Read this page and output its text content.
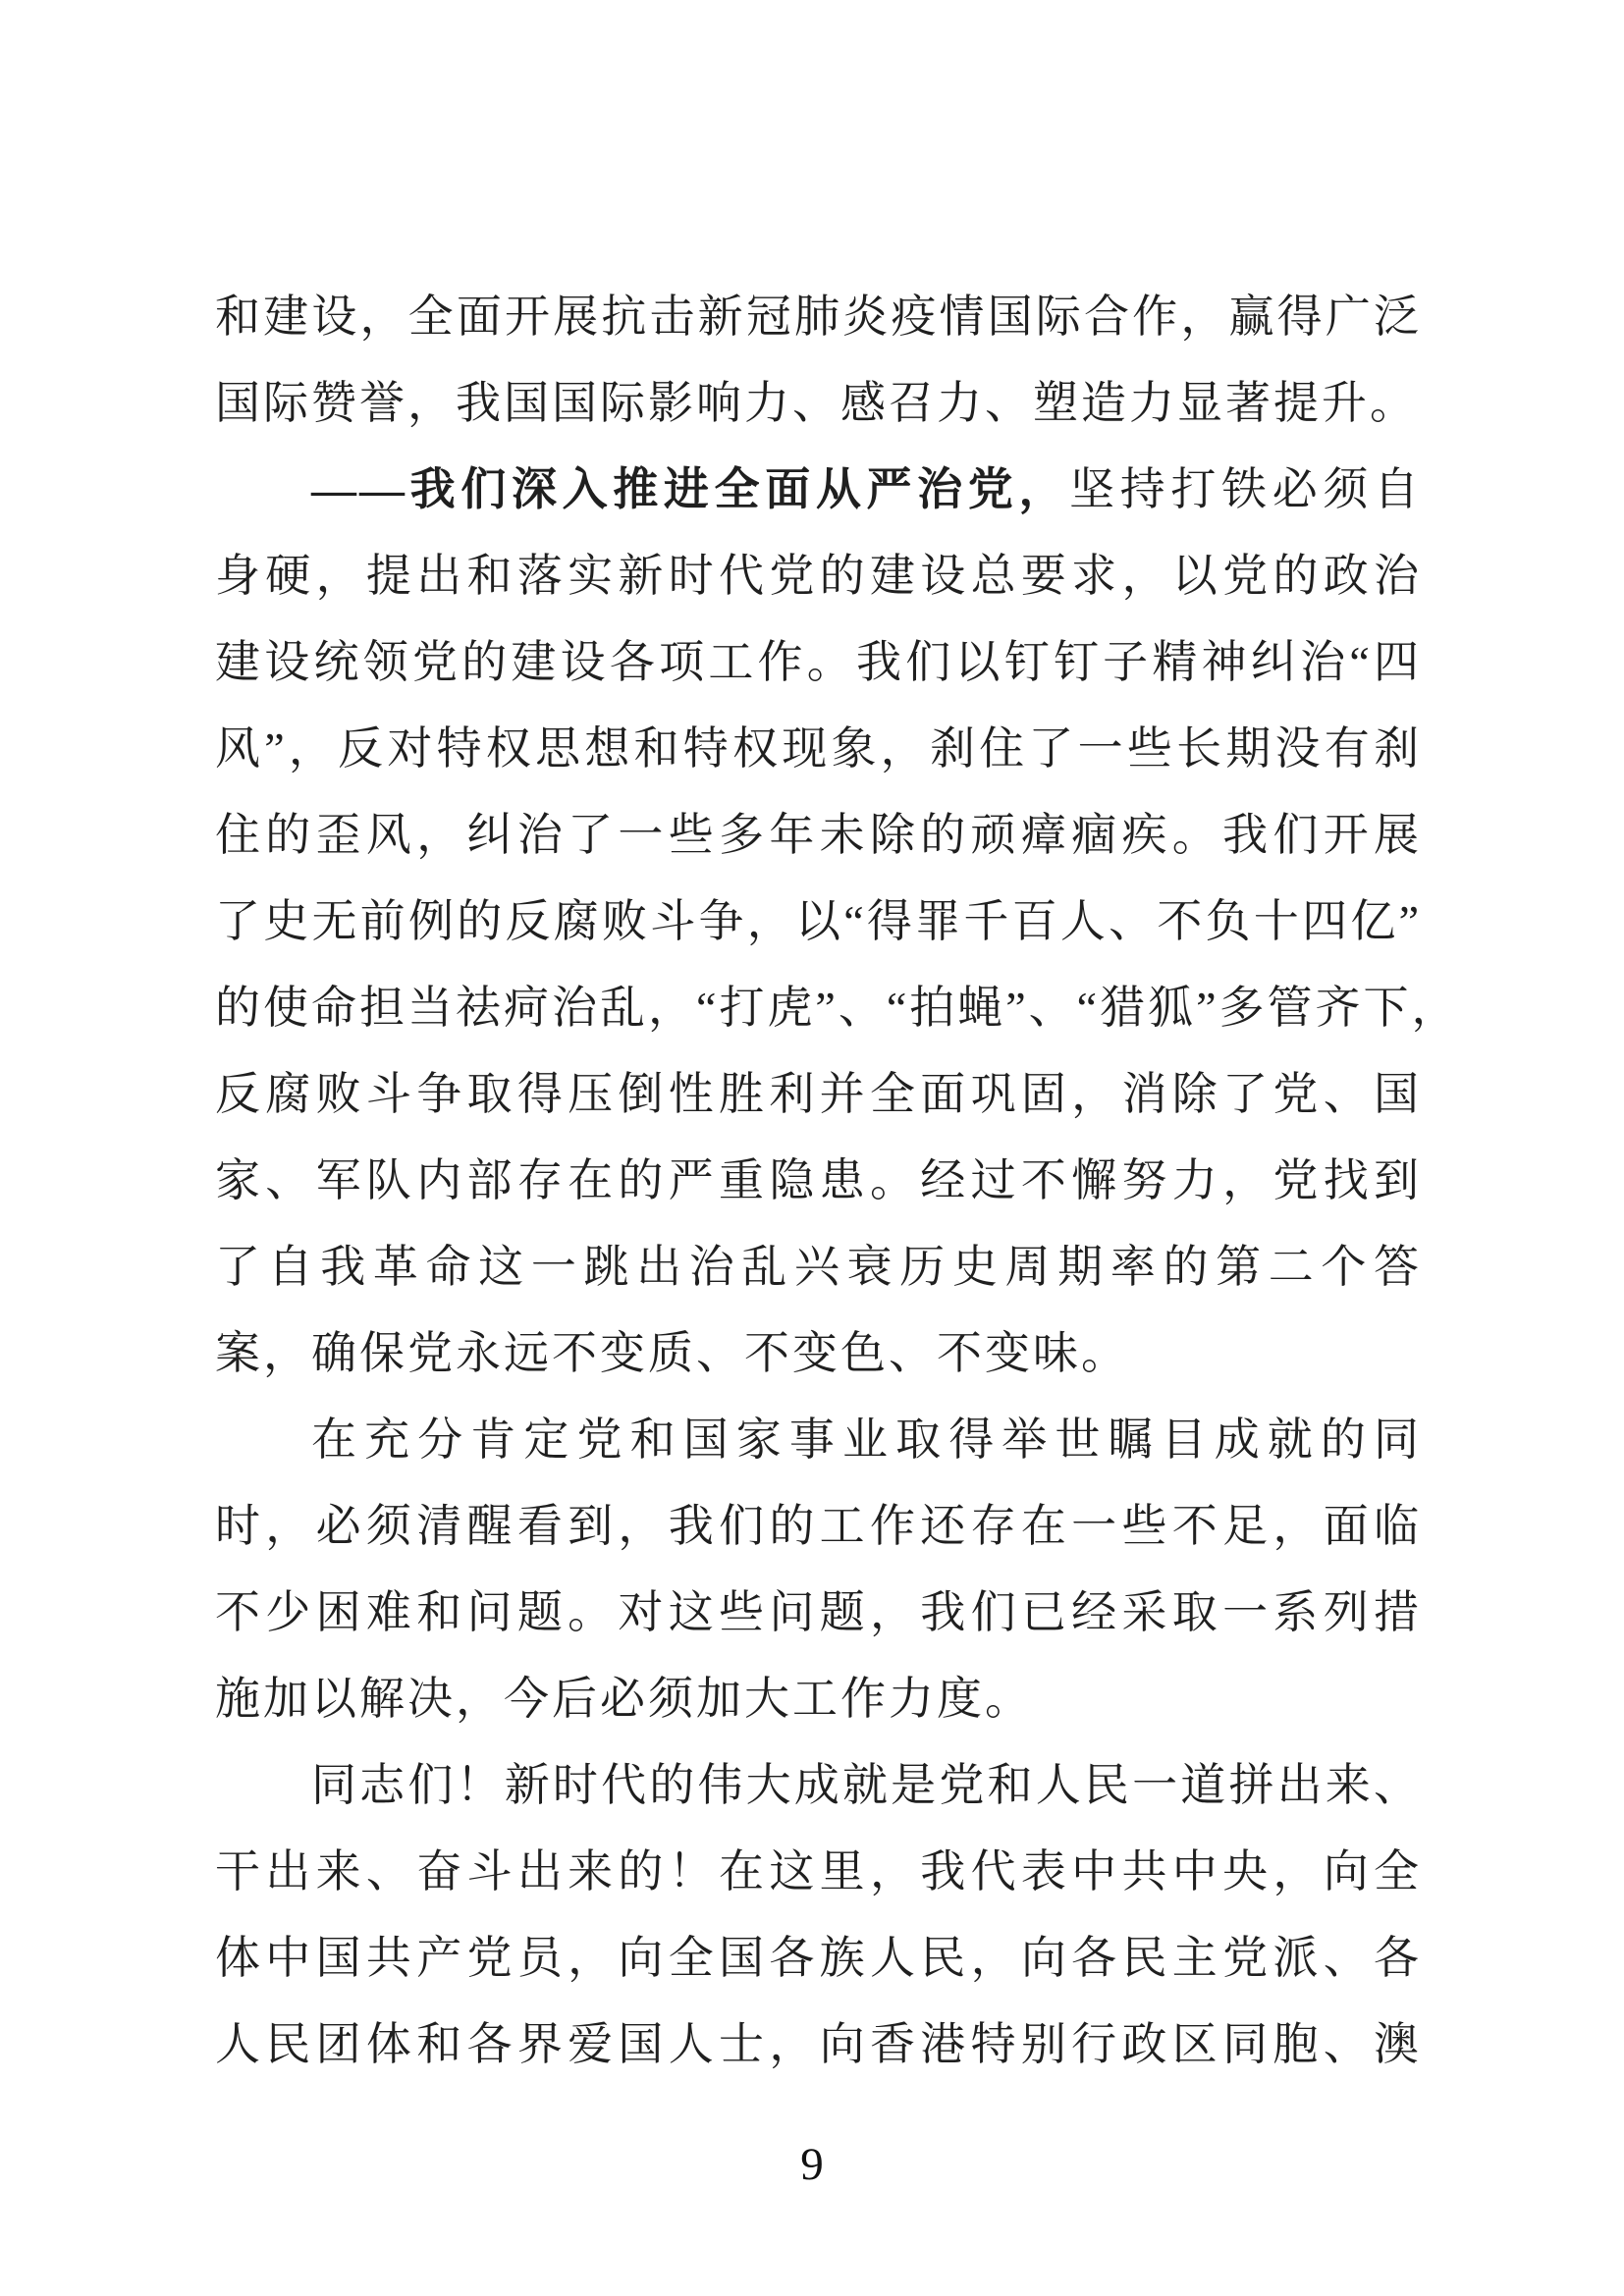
和建设，全面开展抗击新冠肺炎疫情国际合作，赢得广泛
国际赞誉，我国国际影响力、感召力、塑造力显著提升。
——我们深入推进全面从严治党，坚持打铁必须自
身硬，提出和落实新时代党的建设总要求，以党的政治
建设统领党的建设各项工作。我们以钉钉子精神纠治“四
风”，反对特权思想和特权现象，刹住了一些长期没有刹
住的歪风，纠治了一些多年未除的顽瘴痼疾。我们开展
了史无前例的反腐败斗争，以“得罪千百人、不负十四亿”
的使命担当祛疴治乱，“打虎”、“拍蝇”、“猎狐”多管齐下，
反腐败斗争取得压倒性胜利并全面巩固，消除了党、国
家、军队内部存在的严重隐患。经过不懈努力，党找到
了自我革命这一跳出治乱兴衰历史周期率的第二个答
案，确保党永远不变质、不变色、不变味。
在充分肯定党和国家事业取得举世瞩目成就的同
时，必须清醒看到，我们的工作还存在一些不足，面临
不少困难和问题。对这些问题，我们已经采取一系列措
施加以解决，今后必须加大工作力度。
同志们！新时代的伟大成就是党和人民一道拼出来、
干出来、奋斗出来的！在这里，我代表中共中央，向全
体中国共产党员，向全国各族人民，向各民主党派、各
人民团体和各界爱国人士，向香港特别行政区同胞、澳
9
